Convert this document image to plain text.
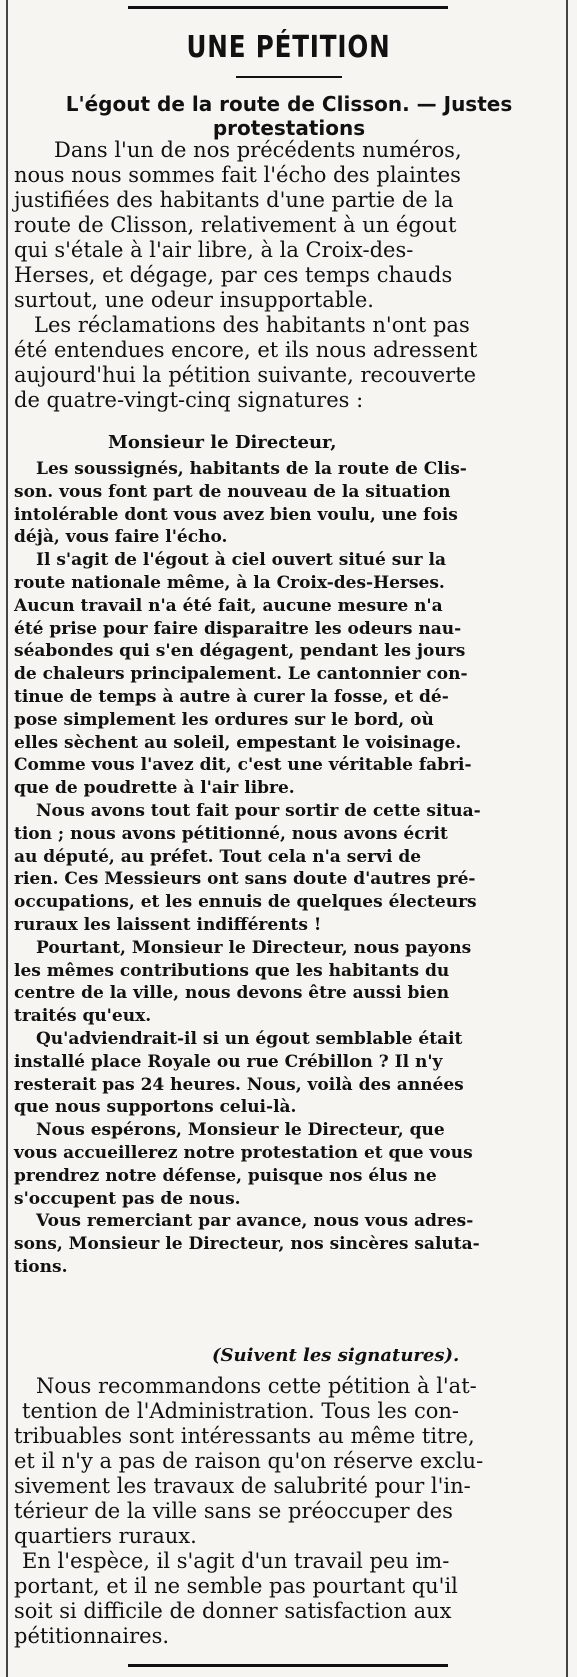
UNE PÉTITION
L'égout de la route de Clisson. — Justes
protestations
Dans l'un de nos précédents numéros,
nous nous sommes fait l'écho des plaintes
justifiées des habitants d'une partie de la
route de Clisson, relativement à un égout
qui s'étale à l'air libre, à la Croix-des-
Herses, et dégage, par ces temps chauds
surtout, une odeur insupportable.
Les réclamations des habitants n'ont pas
été entendues encore, et ils nous adressent
aujourd'hui la pétition suivante, recouverte
de quatre-vingt-cinq signatures :
Monsieur le Directeur,
Les soussignés, habitants de la route de Clis-
son. vous font part de nouveau de la situation
intolérable dont vous avez bien voulu, une fois
déjà, vous faire l'écho.
Il s'agit de l'égout à ciel ouvert situé sur la
route nationale même, à la Croix-des-Herses.
Aucun travail n'a été fait, aucune mesure n'a
été prise pour faire disparaitre les odeurs nau-
séabondes qui s'en dégagent, pendant les jours
de chaleurs principalement. Le cantonnier con-
tinue de temps à autre à curer la fosse, et dé-
pose simplement les ordures sur le bord, où
elles sèchent au soleil, empestant le voisinage.
Comme vous l'avez dit, c'est une véritable fabri-
que de poudrette à l'air libre.
Nous avons tout fait pour sortir de cette situa-
tion ; nous avons pétitionné, nous avons écrit
au député, au préfet. Tout cela n'a servi de
rien. Ces Messieurs ont sans doute d'autres pré-
occupations, et les ennuis de quelques électeurs
ruraux les laissent indifférents !
Pourtant, Monsieur le Directeur, nous payons
les mêmes contributions que les habitants du
centre de la ville, nous devons être aussi bien
traités qu'eux.
Qu'adviendrait-il si un égout semblable était
installé place Royale ou rue Crébillon ? Il n'y
resterait pas 24 heures. Nous, voilà des années
que nous supportons celui-là.
Nous espérons, Monsieur le Directeur, que
vous accueillerez notre protestation et que vous
prendrez notre défense, puisque nos élus ne
s'occupent pas de nous.
Vous remerciant par avance, nous vous adres-
sons, Monsieur le Directeur, nos sincères saluta-
tions.
(Suivent les signatures).
Nous recommandons cette pétition à l'at-
tention de l'Administration. Tous les con-
tribuables sont intéressants au même titre,
et il n'y a pas de raison qu'on réserve exclu-
sivement les travaux de salubrité pour l'in-
térieur de la ville sans se préoccuper des
quartiers ruraux.
En l'espèce, il s'agit d'un travail peu im-
portant, et il ne semble pas pourtant qu'il
soit si difficile de donner satisfaction aux
pétitionnaires.
